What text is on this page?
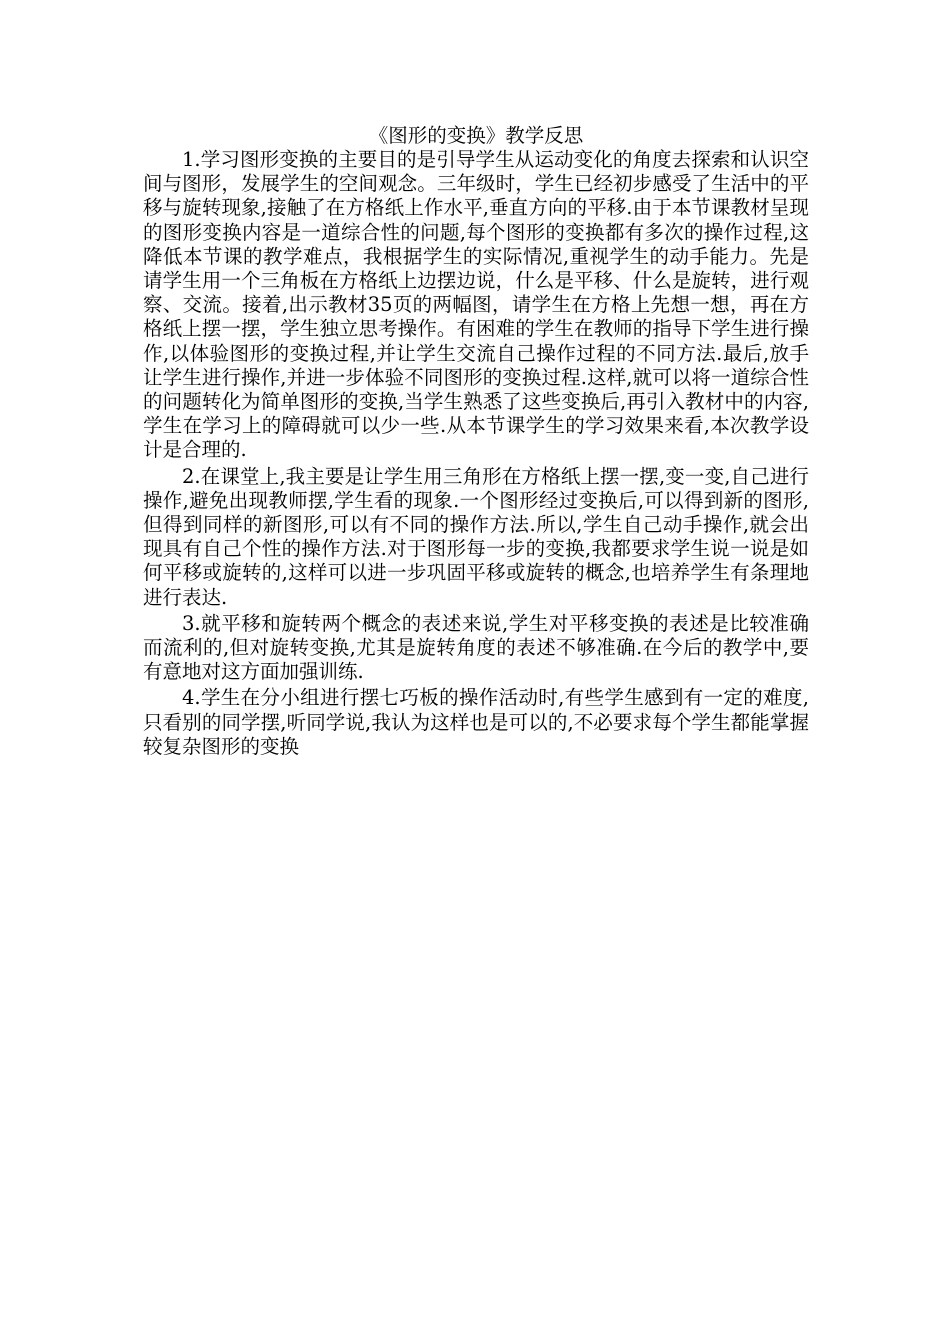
《图形的变换》教学反思

1.学习图形变换的主要目的是引导学生从运动变化的角度去探索和认识空间与图形，发展学生的空间观念。三年级时，学生已经初步感受了生活中的平移与旋转现象,接触了在方格纸上作水平,垂直方向的平移.由于本节课教材呈现的图形变换内容是一道综合性的问题,每个图形的变换都有多次的操作过程,这降低本节课的教学难点，我根据学生的实际情况,重视学生的动手能力。先是请学生用一个三角板在方格纸上边摆边说，什么是平移、什么是旋转，进行观察、交流。接着,出示教材35页的两幅图，请学生在方格上先想一想，再在方格纸上摆一摆，学生独立思考操作。有困难的学生在教师的指导下学生进行操作,以体验图形的变换过程,并让学生交流自己操作过程的不同方法.最后,放手让学生进行操作,并进一步体验不同图形的变换过程.这样,就可以将一道综合性的问题转化为简单图形的变换,当学生熟悉了这些变换后,再引入教材中的内容,学生在学习上的障碍就可以少一些.从本节课学生的学习效果来看,本次教学设计是合理的.

2.在课堂上,我主要是让学生用三角形在方格纸上摆一摆,变一变,自己进行操作,避免出现教师摆,学生看的现象.一个图形经过变换后,可以得到新的图形,但得到同样的新图形,可以有不同的操作方法.所以,学生自己动手操作,就会出现具有自己个性的操作方法.对于图形每一步的变换,我都要求学生说一说是如何平移或旋转的,这样可以进一步巩固平移或旋转的概念,也培养学生有条理地进行表达.

3.就平移和旋转两个概念的表述来说,学生对平移变换的表述是比较准确而流利的,但对旋转变换,尤其是旋转角度的表述不够准确.在今后的教学中,要有意地对这方面加强训练.

4.学生在分小组进行摆七巧板的操作活动时,有些学生感到有一定的难度,只看别的同学摆,听同学说,我认为这样也是可以的,不必要求每个学生都能掌握较复杂图形的变换
